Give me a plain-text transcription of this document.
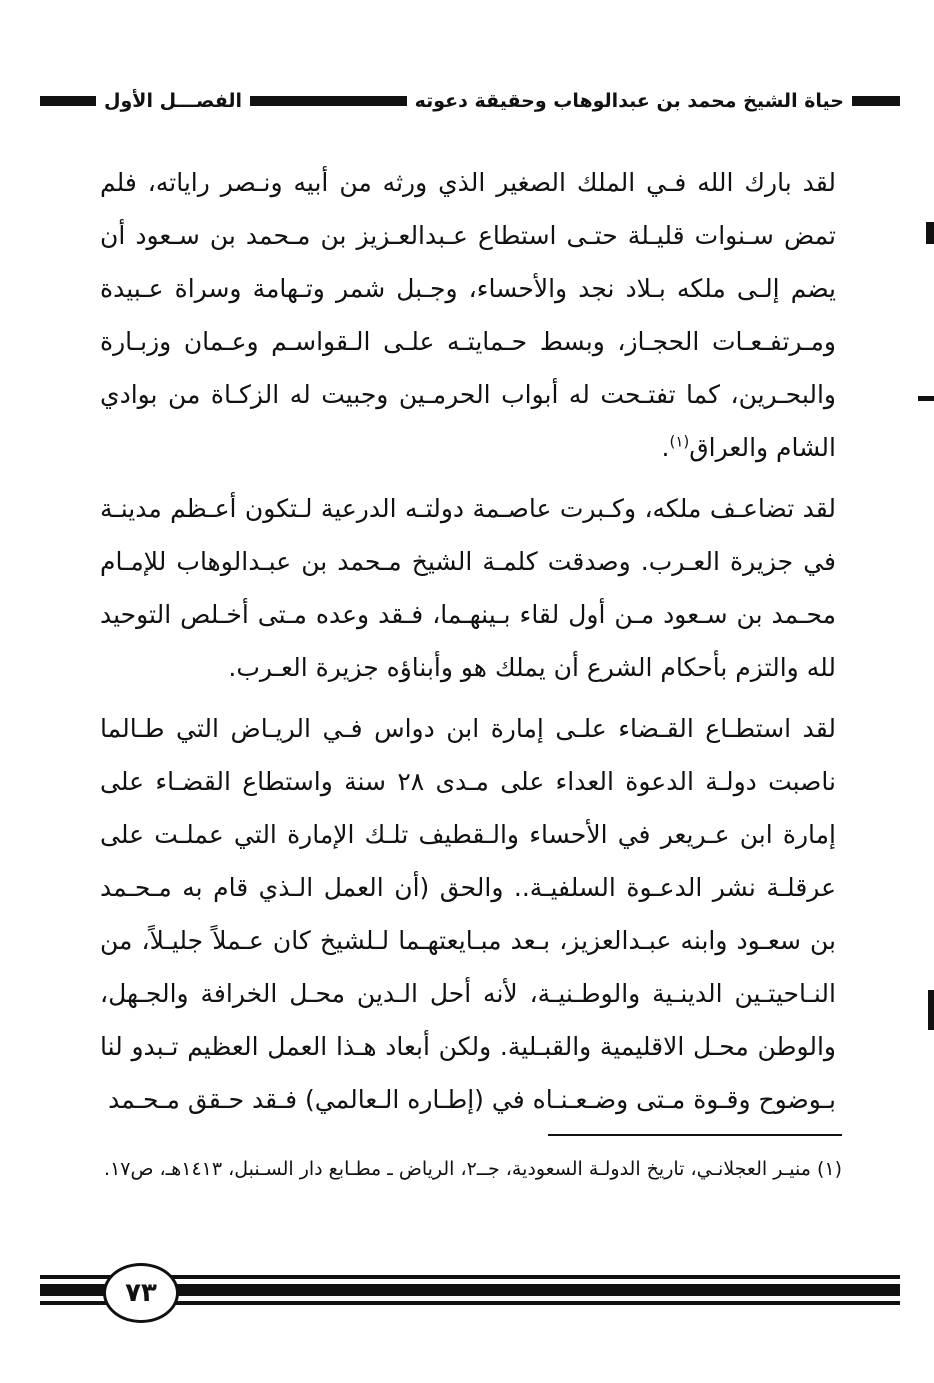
حياة الشيخ محمد بن عبدالوهاب وحقيقة دعوته
الفصـــل الأول

لقد بارك الله فـي الملك الصغير الذي ورثه من أبيه ونـصر راياته، فلم تمض سـنوات قليـلة حتـى استطاع عـبدالعـزيز بن مـحمد بن سـعود أن يضم إلـى ملكه بـلاد نجد والأحساء، وجـبل شمر وتـهامة وسراة عـبيدة ومـرتفـعـات الحجـاز، وبسط حـمايتـه علـى الـقواسـم وعـمان وزبـارة والبحـرين، كما تفتـحت له أبواب الحرمـين وجبيت له الزكـاة من بوادي الشام والعراق$^{(١)}$.

لقد تضاعـف ملكه، وكـبرت عاصـمة دولتـه الدرعية لـتكون أعـظم مدينـة في جزيرة العـرب. وصدقت كلمـة الشيخ مـحمد بن عبـدالوهاب للإمـام محـمد بن سـعود مـن أول لقاء بـينهـما، فـقد وعده مـتى أخـلص التوحيد لله والتزم بأحكام الشرع أن يملك هو وأبناؤه جزيرة العـرب.

لقد استطـاع القـضاء علـى إمارة ابن دواس فـي الريـاض التي طـالما ناصبت دولـة الدعوة العداء على مـدى ٢٨ سنة واستطاع القضـاء على إمارة ابن عـريعر في الأحساء والـقطيف تلـك الإمارة التي عملـت على عرقلـة نشر الدعـوة السلفيـة.. والحق (أن العمل الـذي قام به مـحـمد بن سعـود وابنه عبـدالعزيز، بـعد مبـايعتهـما لـلشيخ كان عـملاً جليـلاً، من النـاحيتـين الدينـية والوطـنيـة، لأنه أحل الـدين محـل الخرافة والجـهل، والوطن محـل الاقليمية والقبـلية. ولكن أبعاد هـذا العمل العظيم تـبدو لنا بـوضوح وقـوة مـتى وضـعـنـاه في (إطـاره الـعالمي) فـقد حـقق مـحـمد

(١) منيـر العجلانـي، تاريخ الدولـة السعودية، جــ٢، الرياض ـ مطـابع دار السـنبل، ١٤١٣هـ، ص١٧.
٧٣
